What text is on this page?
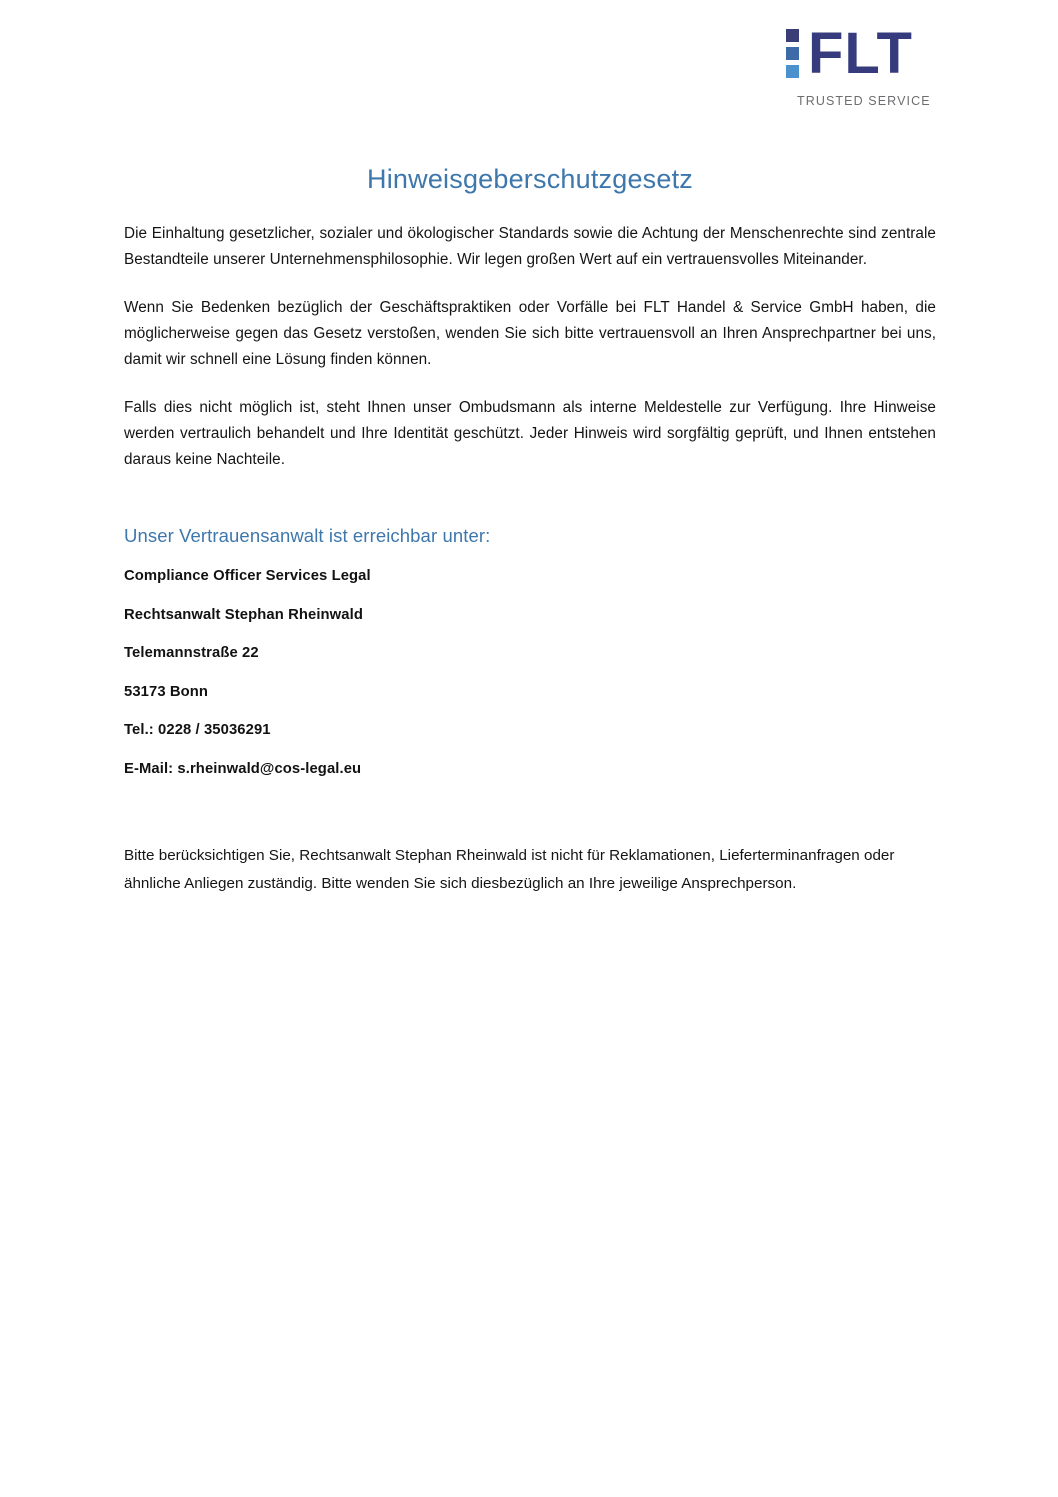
FLT
TRUSTED SERVICE
Hinweisgeberschutzgesetz

Die Einhaltung gesetzlicher, sozialer und ökologischer Standards sowie die Achtung der Menschenrechte sind zentrale Bestandteile unserer Unternehmensphilosophie. Wir legen großen Wert auf ein vertrauensvolles Miteinander.

Wenn Sie Bedenken bezüglich der Geschäftspraktiken oder Vorfälle bei FLT Handel & Service GmbH haben, die möglicherweise gegen das Gesetz verstoßen, wenden Sie sich bitte vertrauensvoll an Ihren Ansprechpartner bei uns, damit wir schnell eine Lösung finden können.

Falls dies nicht möglich ist, steht Ihnen unser Ombudsmann als interne Meldestelle zur Verfügung. Ihre Hinweise werden vertraulich behandelt und Ihre Identität geschützt. Jeder Hinweis wird sorgfältig geprüft, und Ihnen entstehen daraus keine Nachteile.

Unser Vertrauensanwalt ist erreichbar unter:
Compliance Officer Services Legal
Rechtsanwalt Stephan Rheinwald
Telemannstraße 22
53173 Bonn
Tel.: 0228 / 35036291
E-Mail: s.rheinwald@cos-legal.eu

Bitte berücksichtigen Sie, Rechtsanwalt Stephan Rheinwald ist nicht für Reklamationen, Lieferterminanfragen oder ähnliche Anliegen zuständig. Bitte wenden Sie sich diesbezüglich an Ihre jeweilige Ansprechperson.
